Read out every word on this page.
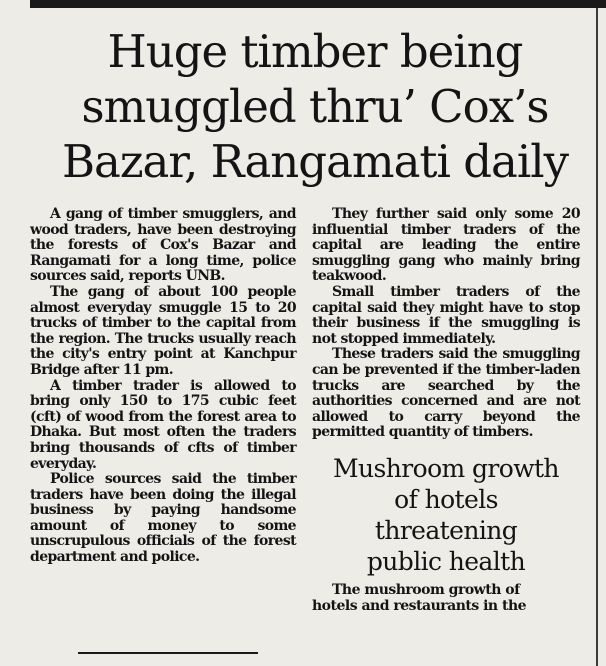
Huge timber being
smuggled thru’ Cox’s
Bazar, Rangamati daily

A gang of timber smugglers, and wood traders, have been destroying the forests of Cox's Bazar and Rangamati for a long time, police sources said, reports UNB.

The gang of about 100 people almost everyday smuggle 15 to 20 trucks of timber to the capital from the region. The trucks usually reach the city's entry point at Kanchpur Bridge after 11 pm.

A timber trader is allowed to bring only 150 to 175 cubic feet (cft) of wood from the forest area to Dhaka. But most often the traders bring thousands of cfts of timber everyday.

Police sources said the timber traders have been doing the illegal business by paying handsome amount of money to some unscrupulous officials of the forest department and police.

They further said only some 20 influential timber traders of the capital are leading the entire smuggling gang who mainly bring teakwood.

Small timber traders of the capital said they might have to stop their business if the smuggling is not stopped immediately.

These traders said the smuggling can be prevented if the timber-laden trucks are searched by the authorities concerned and are not allowed to carry beyond the permitted quantity of timbers.

Mushroom growth
of hotels
threatening
public health

The mushroom growth of

hotels and restaurants in the
